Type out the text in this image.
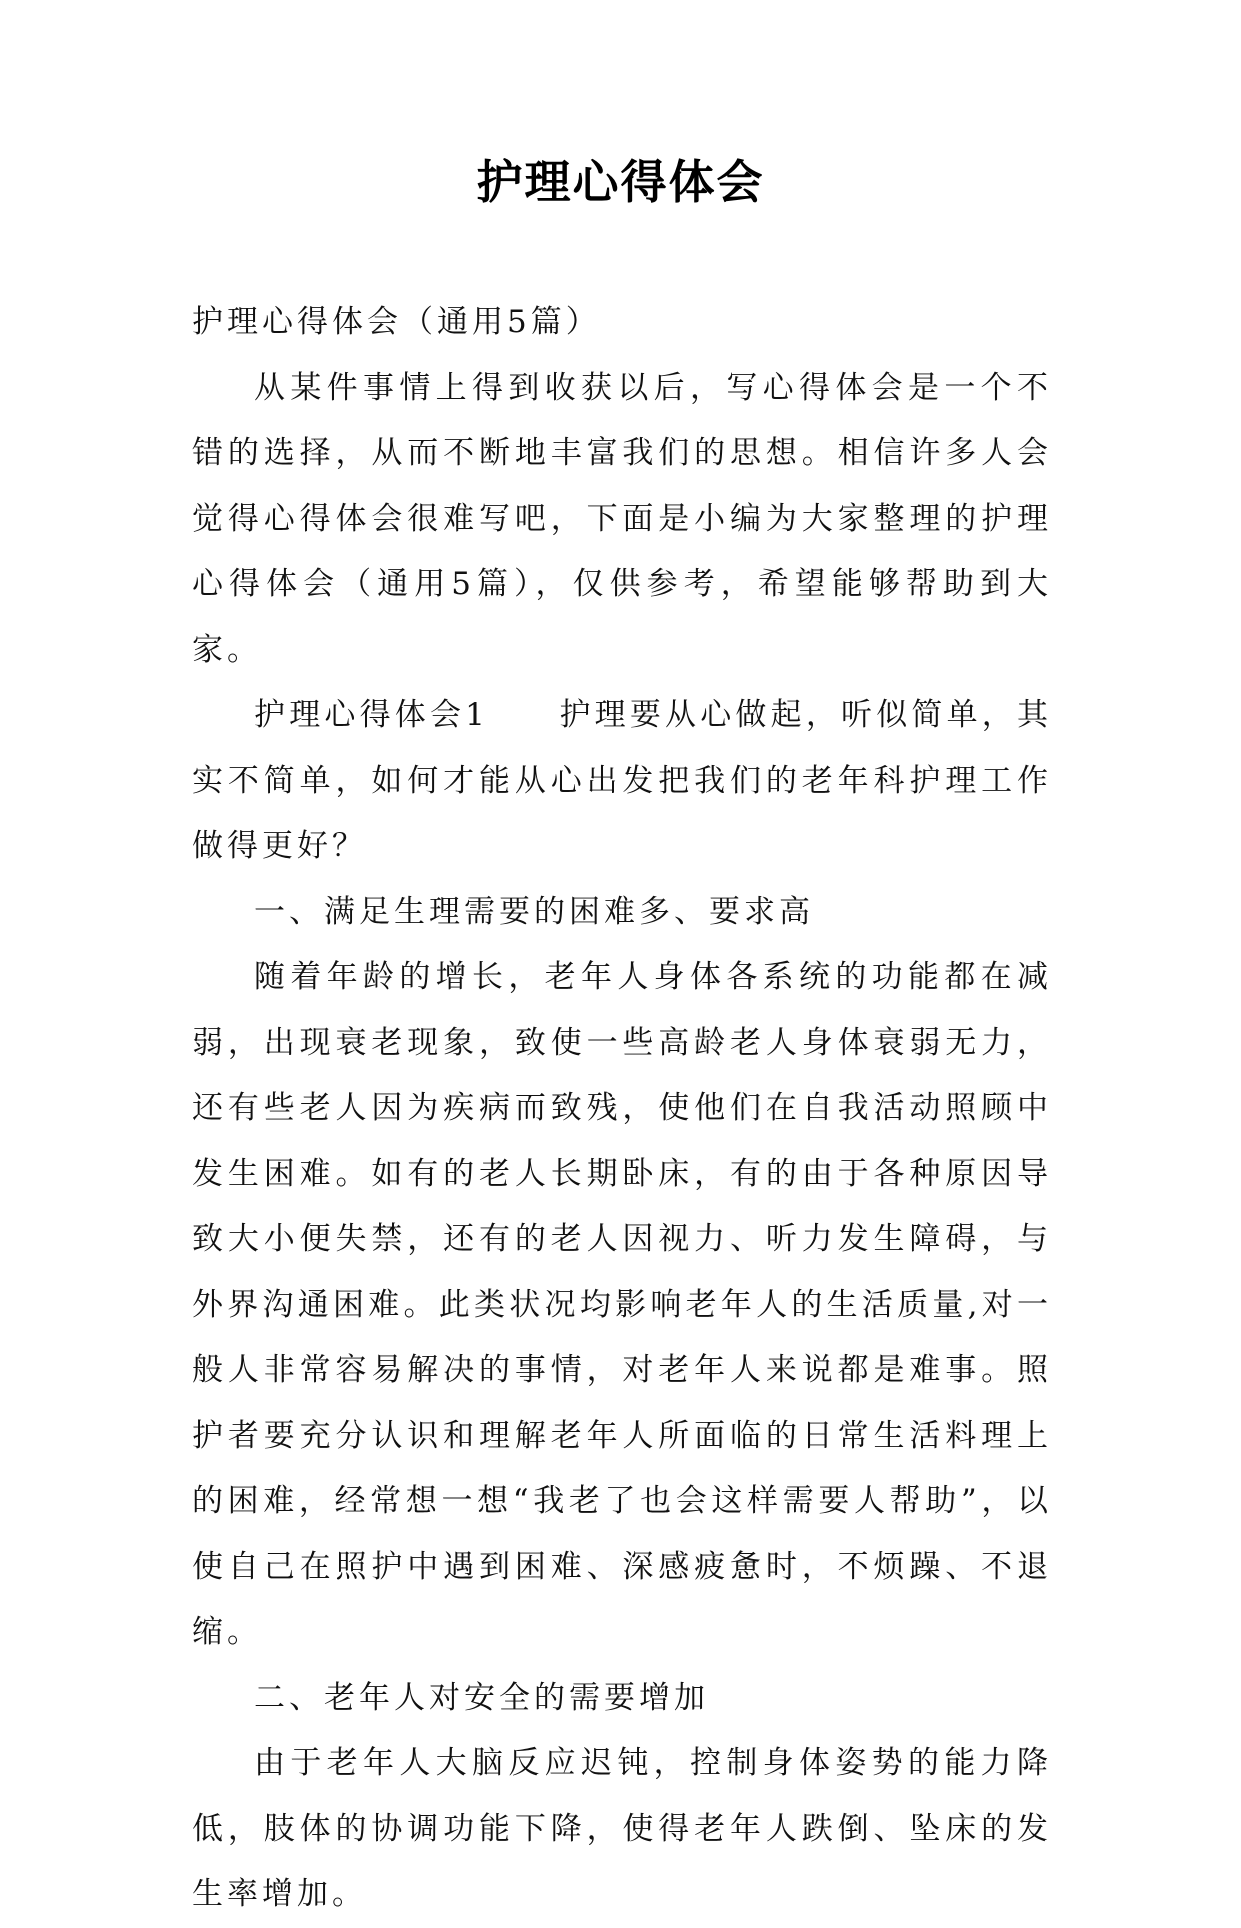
护理心得体会

护理心得体会（通用5篇）

从某件事情上得到收获以后，写心得体会是一个不错的选择，从而不断地丰富我们的思想。相信许多人会觉得心得体会很难写吧，下面是小编为大家整理的护理心得体会（通用5篇），仅供参考，希望能够帮助到大家。

护理心得体会1　　护理要从心做起，听似简单，其实不简单，如何才能从心出发把我们的老年科护理工作做得更好？

一、满足生理需要的困难多、要求高

随着年龄的增长，老年人身体各系统的功能都在减弱，出现衰老现象，致使一些高龄老人身体衰弱无力，还有些老人因为疾病而致残，使他们在自我活动照顾中发生困难。如有的老人长期卧床，有的由于各种原因导致大小便失禁，还有的老人因视力、听力发生障碍，与外界沟通困难。此类状况均影响老年人的生活质量,对一般人非常容易解决的事情，对老年人来说都是难事。照护者要充分认识和理解老年人所面临的日常生活料理上的困难，经常想一想“我老了也会这样需要人帮助”，以使自己在照护中遇到困难、深感疲惫时，不烦躁、不退缩。

二、老年人对安全的需要增加

由于老年人大脑反应迟钝，控制身体姿势的能力降低，肢体的协调功能下降，使得老年人跌倒、坠床的发生率增加。
